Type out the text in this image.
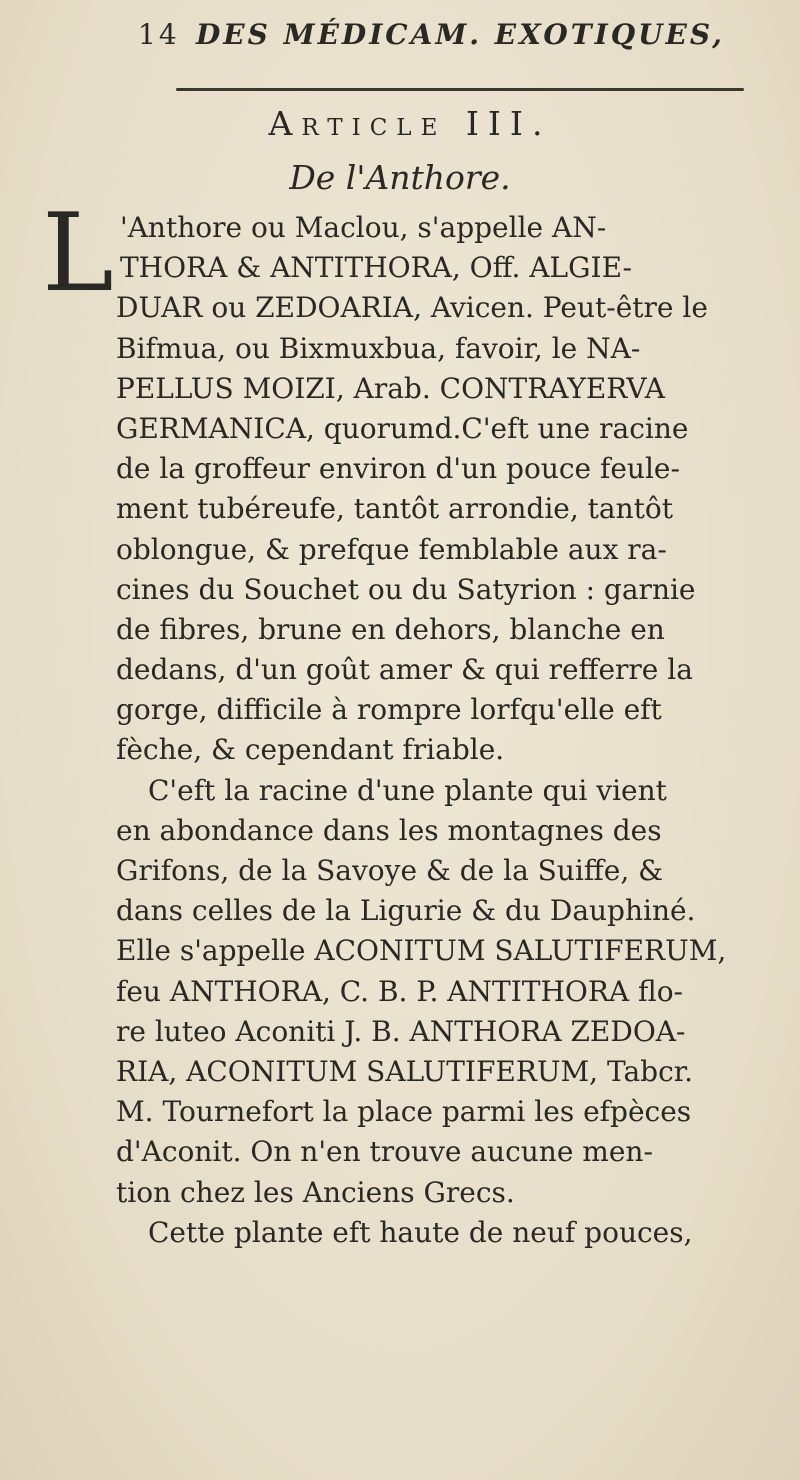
14 DES MÉDICAM. EXOTIQUES,
Article III.
De l'Anthore.
L 'Anthore ou Maclou, s'appelle AN-
THORA & ANTITHORA, Off. ALGIE-
DUAR ou ZEDOARIA, Avicen. Peut-être le
Bifmua, ou Bixmuxbua, favoir, le NA-
PELLUS MOIZI, Arab. CONTRAYERVA
GERMANICA, quorumd.C'eft une racine
de la groffeur environ d'un pouce feule-
ment tubéreufe, tantôt arrondie, tantôt
oblongue, & prefque femblable aux ra-
cines du Souchet ou du Satyrion : garnie
de fibres, brune en dehors, blanche en
dedans, d'un goût amer & qui refferre la
gorge, difficile à rompre lorfqu'elle eft
fèche, & cependant friable.
C'eft la racine d'une plante qui vient
en abondance dans les montagnes des
Grifons, de la Savoye & de la Suiffe, &
dans celles de la Ligurie & du Dauphiné.
Elle s'appelle ACONITUM SALUTIFERUM,
feu ANTHORA, C. B. P. ANTITHORA flo-
re luteo Aconiti J. B. ANTHORA ZEDOA-
RIA, ACONITUM SALUTIFERUM, Tabcr.
M. Tournefort la place parmi les efpèces
d'Aconit. On n'en trouve aucune men-
tion chez les Anciens Grecs.
Cette plante eft haute de neuf pouces,
